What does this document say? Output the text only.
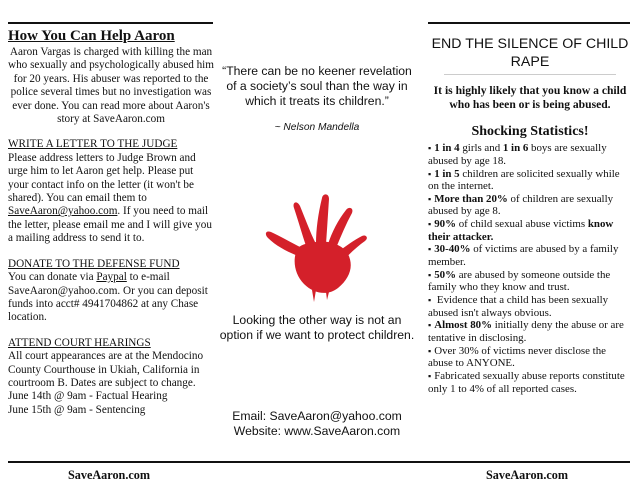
How You Can Help Aaron

Aaron Vargas is charged with killing the man who sexually and psychologically abused him for 20 years. His abuser was reported to the police several times but no investigation was ever done. You can read more about Aaron's story at SaveAaron.com

WRITE A LETTER TO THE JUDGE

Please address letters to Judge Brown and urge him to let Aaron get help. Please put your contact info on the letter (it won't be shared). You can email them to SaveAaron@yahoo.com. If you need to mail the letter, please email me and I will give you a mailing address to send it to.

DONATE TO THE DEFENSE FUND

You can donate via Paypal to e-mail SaveAaron@yahoo.com. Or you can deposit funds into acct# 4941704862 at any Chase location.

ATTEND COURT HEARINGS

All court appearances are at the Mendocino County Courthouse in Ukiah, California in courtroom B. Dates are subject to change.

June 14th @ 9am - Factual Hearing

June 15th @ 9am - Sentencing

“There can be no keener revelation of a society’s soul than the way in which it treats its children.”

~ Nelson Mandella

Looking the other way is not an option if we want to protect children.

Email: SaveAaron@yahoo.com

Website: www.SaveAaron.com

END THE SILENCE OF CHILD RAPE

It is highly likely that you know a child who has been or is being abused.

Shocking Statistics!

▪ 1 in 4 girls and 1 in 6 boys are sexually abused by age 18.
▪ 1 in 5 children are solicited sexually while on the internet.
▪ More than 20% of children are sexually abused by age 8.
▪ 90% of child sexual abuse victims know their attacker.
▪ 30-40% of victims are abused by a family member.
▪ 50% are abused by someone outside the family who they know and trust.
▪ Evidence that a child has been sexually abused isn't always obvious.
▪ Almost 80% initially deny the abuse or are tentative in disclosing.
▪ Over 30% of victims never disclose the abuse to ANYONE.
▪ Fabricated sexually abuse reports constitute only 1 to 4% of all reported cases.

SaveAaron.com	SaveAaron.com
